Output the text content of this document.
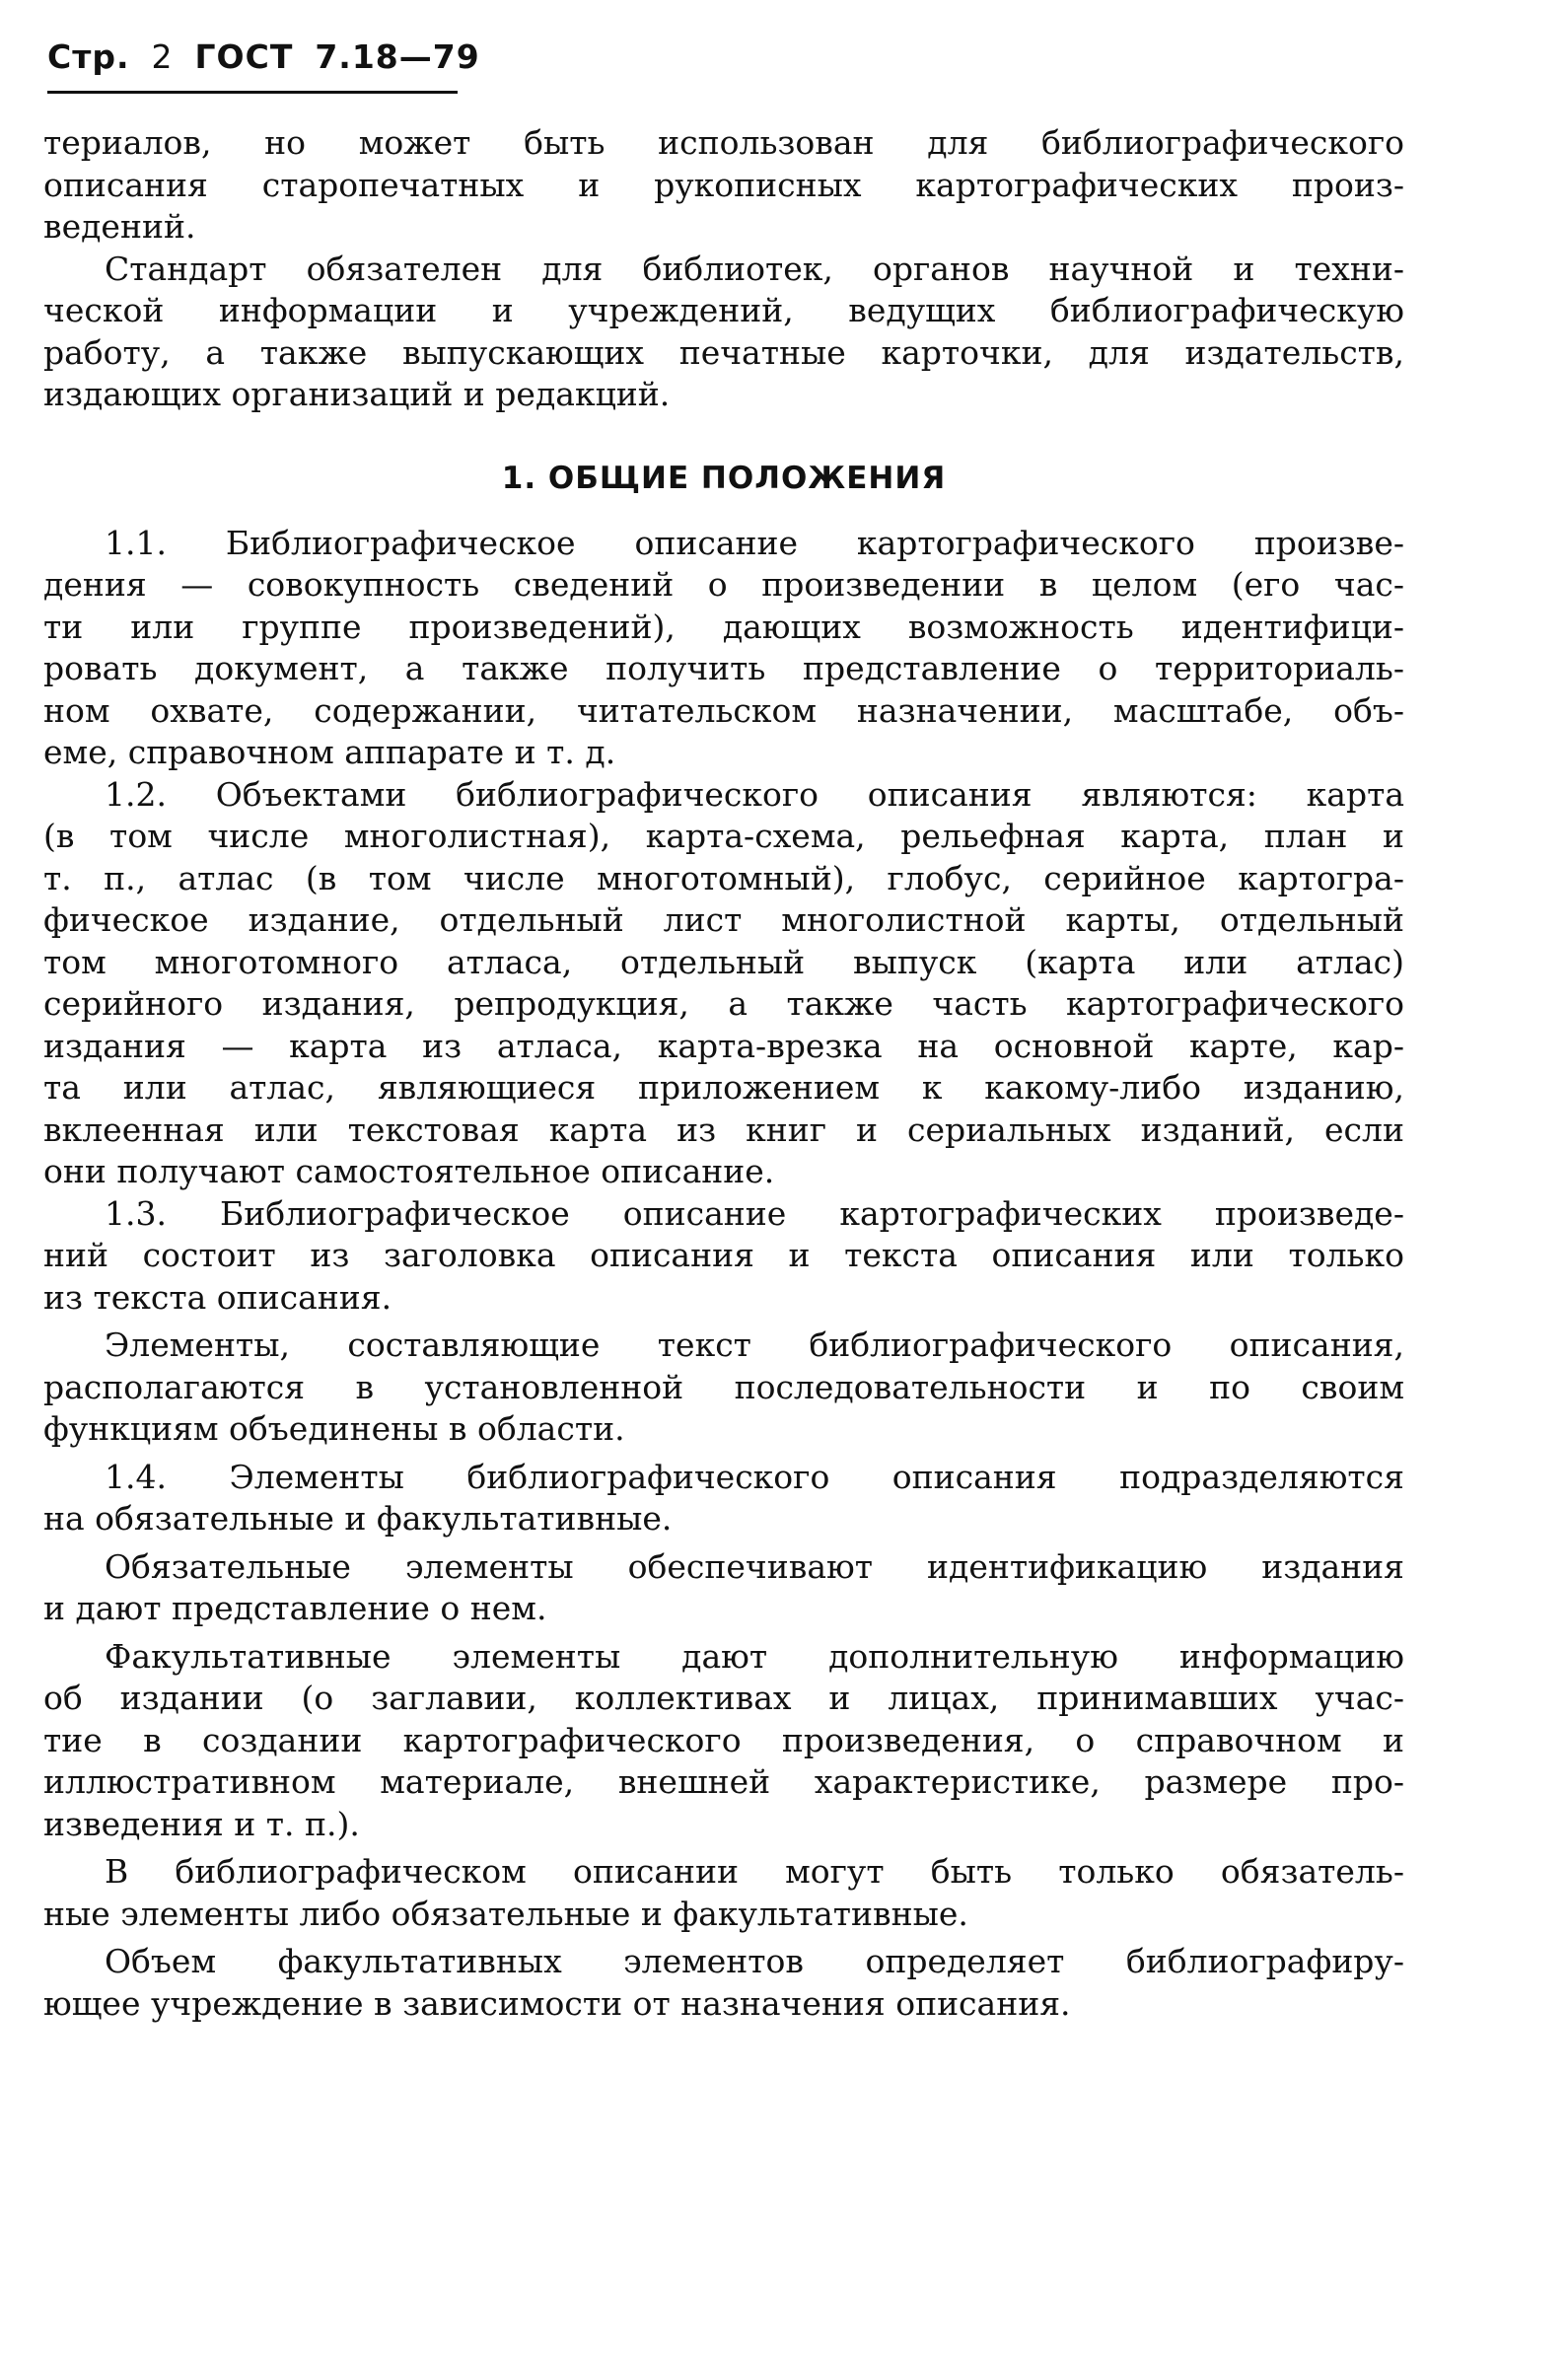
Стр. 2 ГОСТ 7.18—79
териалов, но может быть использован для библиографического
описания старопечатных и рукописных картографических произ-
ведений.
Стандарт обязателен для библиотек, органов научной и техни-
ческой информации и учреждений, ведущих библиографическую
работу, а также выпускающих печатные карточки, для издательств,
издающих организаций и редакций.
1. ОБЩИЕ ПОЛОЖЕНИЯ
1.1. Библиографическое описание картографического произве-
дения — совокупность сведений о произведении в целом (его час-
ти или группе произведений), дающих возможность идентифици-
ровать документ, а также получить представление о территориаль-
ном охвате, содержании, читательском назначении, масштабе, объ-
еме, справочном аппарате и т. д.
1.2. Объектами библиографического описания являются: карта
(в том числе многолистная), карта-схема, рельефная карта, план и
т. п., атлас (в том числе многотомный), глобус, серийное картогра-
фическое издание, отдельный лист многолистной карты, отдельный
том многотомного атласа, отдельный выпуск (карта или атлас)
серийного издания, репродукция, а также часть картографического
издания — карта из атласа, карта-врезка на основной карте, кар-
та или атлас, являющиеся приложением к какому-либо изданию,
вклеенная или текстовая карта из книг и сериальных изданий, если
они получают самостоятельное описание.
1.3. Библиографическое описание картографических произведе-
ний состоит из заголовка описания и текста описания или только
из текста описания.
Элементы, составляющие текст библиографического описания,
располагаются в установленной последовательности и по своим
функциям объединены в области.
1.4. Элементы библиографического описания подразделяются
на обязательные и факультативные.
Обязательные элементы обеспечивают идентификацию издания
и дают представление о нем.
Факультативные элементы дают дополнительную информацию
об издании (о заглавии, коллективах и лицах, принимавших учас-
тие в создании картографического произведения, о справочном и
иллюстративном материале, внешней характеристике, размере про-
изведения и т. п.).
В библиографическом описании могут быть только обязатель-
ные элементы либо обязательные и факультативные.
Объем факультативных элементов определяет библиографиру-
ющее учреждение в зависимости от назначения описания.
